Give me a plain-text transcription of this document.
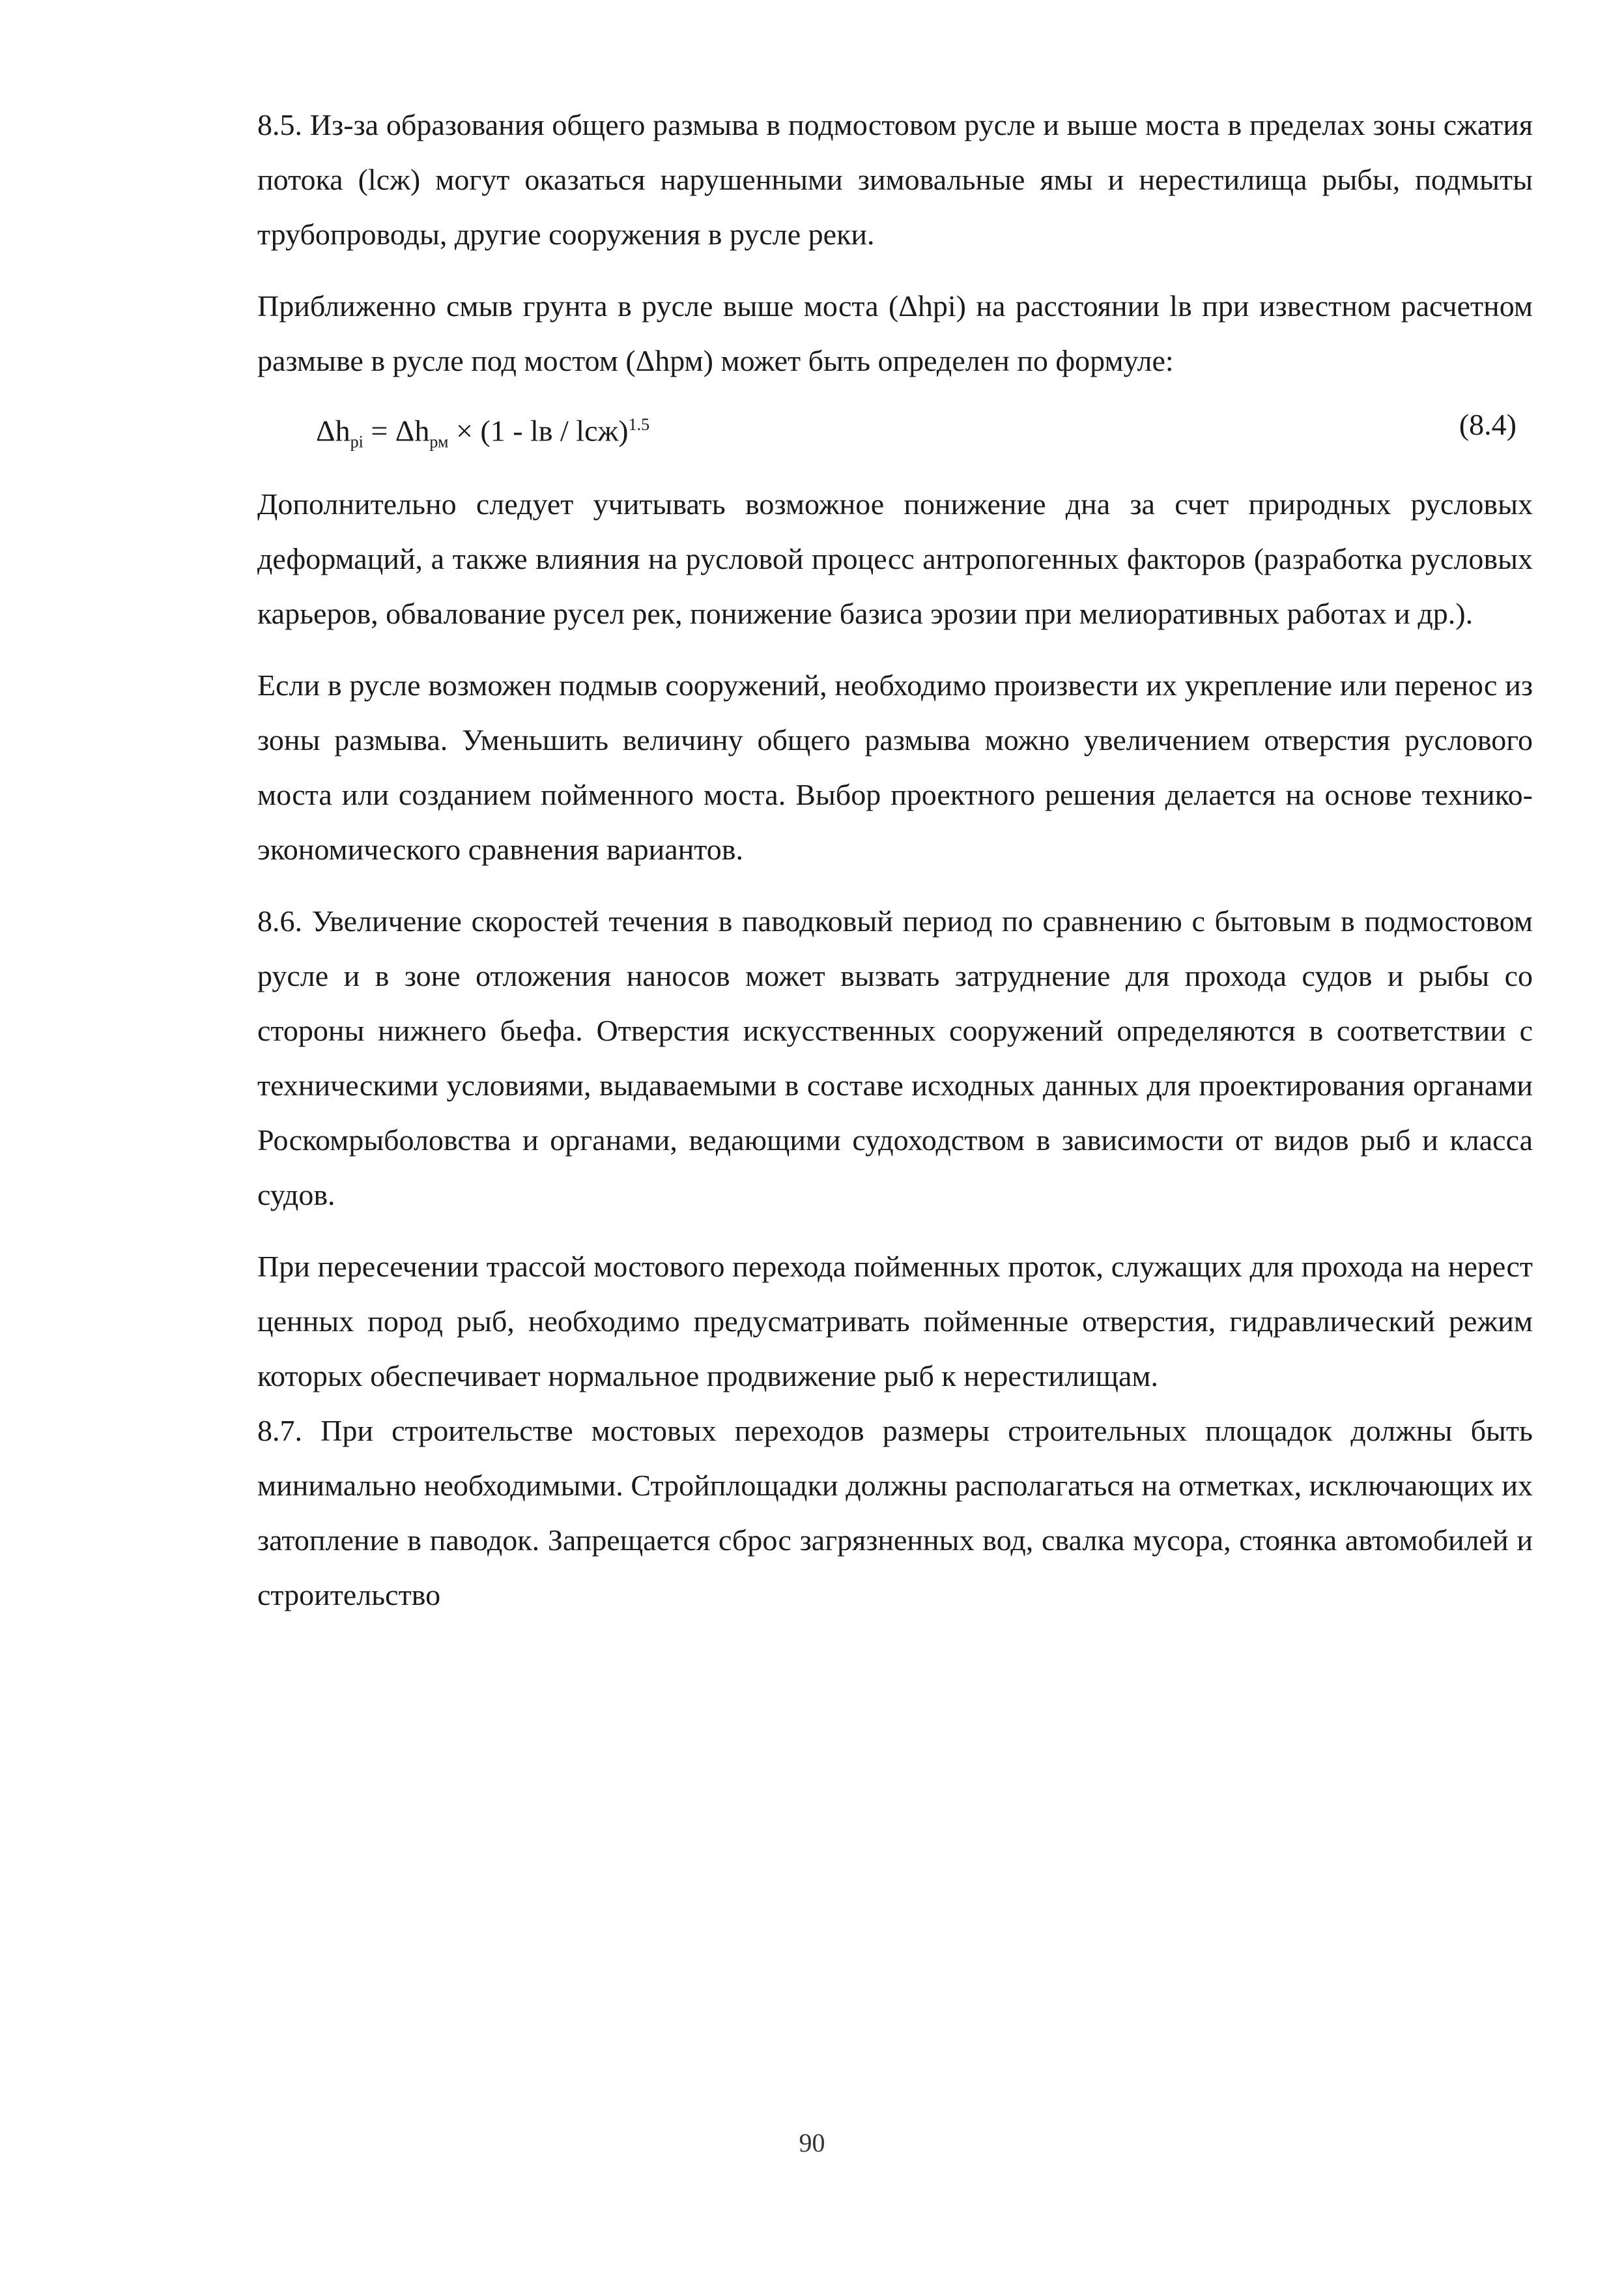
8.5. Из-за образования общего размыва в подмостовом русле и выше моста в пределах зоны сжатия потока (lсж) могут оказаться нарушенными зимовальные ямы и нерестилища рыбы, подмыты трубопроводы, другие сооружения в русле реки.

Приближенно смыв грунта в русле выше моста (Δhpi) на расстоянии lв при известном расчетном размыве в русле под мостом (Δhрм) может быть определен по формуле:

$\Delta h_{pi} = \Delta h_{рм} \times (1$ - lв / lсж)$^{1.5}$	(8.4)

Дополнительно следует учитывать возможное понижение дна за счет природных русловых деформаций, а также влияния на русловой процесс антропогенных факторов (разработка русловых карьеров, обвалование русел рек, понижение базиса эрозии при мелиоративных работах и др.).

Если в русле возможен подмыв сооружений, необходимо произвести их укрепление или перенос из зоны размыва. Уменьшить величину общего размыва можно увеличением отверстия руслового моста или созданием пойменного моста. Выбор проектного решения делается на основе технико-экономического сравнения вариантов.

8.6. Увеличение скоростей течения в паводковый период по сравнению с бытовым в подмостовом русле и в зоне отложения наносов может вызвать затруднение для прохода судов и рыбы со стороны нижнего бьефа. Отверстия искусственных сооружений определяются в соответствии с техническими условиями, выдаваемыми в составе исходных данных для проектирования органами Роскомрыболовства и органами, ведающими судоходством в зависимости от видов рыб и класса судов.

При пересечении трассой мостового перехода пойменных проток, служащих для прохода на нерест ценных пород рыб, необходимо предусматривать пойменные отверстия, гидравлический режим которых обеспечивает нормальное продвижение рыб к нерестилищам.

8.7. При строительстве мостовых переходов размеры строительных площадок должны быть минимально необходимыми. Стройплощадки должны располагаться на отметках, исключающих их затопление в паводок. Запрещается сброс загрязненных вод, свалка мусора, стоянка автомобилей и строительство

90
